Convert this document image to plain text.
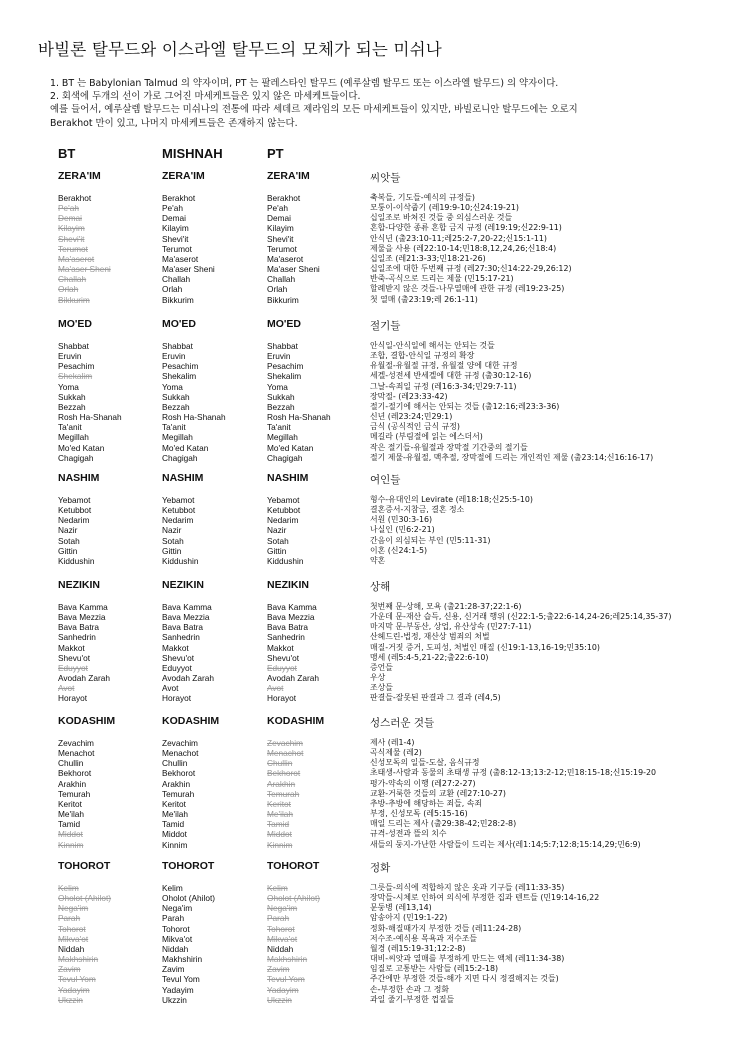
바빌론 탈무드와 이스라엘 탈무드의 모체가 되는 미쉬나

1. BT 는 Babylonian Talmud 의 약자이며, PT 는 팔레스타인 탈무드 (예루살렘 탈무드 또는 이스라엘 탈무드) 의 약자이다.

2. 회색에 두개의 선이 가로 그어진 마세케트들은 있지 않은 마세케트들이다.

예를 들어서, 예루살렘 탈무드는 미쉬나의 전통에 따라 세데르 제라임의 모든 마세케트들이 있지만, 바빌로니안 탈무드에는 오로지

Berakhot 만이 있고, 나머지 마세케트들은 존재하지 않는다.

BT	MISHNAH	PT
ZERA'IM	ZERA'IM	ZERA'IM	씨앗들
Berakhot	Berakhot	Berakhot	축복들, 기도들-예식의 규정들)
Pe'ah	Pe'ah	Pe'ah	모퉁이-이삭줍기 (레19:9-10;신24:19-21)
Demai	Demai	Demai	십일조로 바쳐진 것들 중 의심스러운 것들
Kilayim	Kilayim	Kilayim	혼합-다양한 종류 혼합 금지 규정 (레19:19;신22:9-11)
Shevi'it	Shevi'it	Shevi'it	안식년 (출23:10-11;레25:2-7,20-22;신15:1-11)
Terumot	Terumot	Terumot	제물을 사용 (레22:10-14;민18:8,12,24,26;신18:4)
Ma'aserot	Ma'aserot	Ma'aserot	십일조 (레21:3-33;민18:21-26)
Ma'aser Sheni	Ma'aser Sheni	Ma'aser Sheni	십일조에 대한 두번째 규정 (레27:30;신14:22-29,26:12)
Challah	Challah	Challah	반죽-곡식으로 드리는 제물 (민15:17-21)
Orlah	Orlah	Orlah	할례받지 않은 것들-나무열매에 관한 규정 (레19:23-25)
Bikkurim	Bikkurim	Bikkurim	첫 열매 (출23:19;레 26:1-11)
MO'ED	MO'ED	MO'ED	절기들
Shabbat	Shabbat	Shabbat	안식일-안식일에 해서는 안되는 것들
Eruvin	Eruvin	Eruvin	조합, 결합-안식일 규정의 확장
Pesachim	Pesachim	Pesachim	유월절-유월절 규정, 유월절 양에 대한 규정
Shekalim	Shekalim	Shekalim	세겔-성전세 반세겔에 대한 규정 (출30:12-16)
Yoma	Yoma	Yoma	그날-속죄일 규정 (레16:3-34;민29:7-11)
Sukkah	Sukkah	Sukkah	장막절- (레23:33-42)
Bezzah	Bezzah	Bezzah	절기-절기에 해서는 안되는 것들 (출12:16;레23:3-36)
Rosh Ha-Shanah	Rosh Ha-Shanah	Rosh Ha-Shanah	신년 (레23:24;민29:1)
Ta'anit	Ta'anit	Ta'anit	금식 (공식적인 금식 규정)
Megillah	Megillah	Megillah	메길라 (부림절에 읽는 에스더서)
Mo'ed Katan	Mo'ed Katan	Mo'ed Katan	작은 절기들-유월절과 장막절 기간중의 절기들
Chagigah	Chagigah	Chagigah	절기 제물-유월절, 맥추절, 장막절에 드리는 개인적인 제물 (출23:14;신16:16-17)
NASHIM	NASHIM	NASHIM	여인들
Yebamot	Yebamot	Yebamot	형수-유대인의 Levirate (레18:18;신25:5-10)
Ketubbot	Ketubbot	Ketubbot	결혼증서-지참금, 결혼 정소
Nedarim	Nedarim	Nedarim	서원 (민30:3-16)
Nazir	Nazir	Nazir	나실인 (민6:2-21)
Sotah	Sotah	Sotah	간음이 의심되는 부인 (민5:11-31)
Gittin	Gittin	Gittin	이혼 (신24:1-5)
Kiddushin	Kiddushin	Kiddushin	약혼
NEZIKIN	NEZIKIN	NEZIKIN	상해
Bava Kamma	Bava Kamma	Bava Kamma	첫번째 문-상해, 모욕 (출21:28-37;22:1-6)
Bava Mezzia	Bava Mezzia	Bava Mezzia	가운데 문-재산 습득, 신용, 신거래 행위 (신22:1-5;출22:6-14,24-26;레25:14,35-37)
Bava Batra	Bava Batra	Bava Batra	마지막 문-부동산, 상업, 유산상속 (민27:7-11)
Sanhedrin	Sanhedrin	Sanhedrin	산헤드린-법정, 재산상 범죄의 처벌
Makkot	Makkot	Makkot	매질-거짓 증거, 도피성, 처벌인 매질 (신19:1-13,16-19;민35:10)
Shevu'ot	Shevu'ot	Shevu'ot	맹세 (레5:4-5,21-22;출22:6-10)
Eduyyot	Eduyyot	Eduyyot	증언들
Avodah Zarah	Avodah Zarah	Avodah Zarah	우상
Avot	Avot	Avot	조상들
Horayot	Horayot	Horayot	판결들-잘못된 판결과 그 결과 (레4,5)
KODASHIM	KODASHIM	KODASHIM	성스러운 것들
Zevachim	Zevachim	Zevachim	제사 (레1-4)
Menachot	Menachot	Menachot	곡식제물 (레2)
Chullin	Chullin	Chullin	신성모독의 일들-도살, 음식규정
Bekhorot	Bekhorot	Bekhorot	초태생-사람과 동물의 초태생 규정 (출8:12-13;13:2-12;민18:15-18;신15:19-20
Arakhin	Arakhin	Arakhin	평가-약속의 이행 (레27:2-27)
Temurah	Temurah	Temurah	교환-거룩한 것들의 교환 (레27:10-27)
Keritot	Keritot	Keritot	추방-추방에 해당하는 죄들, 속죄
Me'ilah	Me'ilah	Me'ilah	부정, 신성모독 (레5:15-16)
Tamid	Tamid	Tamid	매일 드리는 제사 (출29:38-42;민28:2-8)
Middot	Middot	Middot	규격-성전과 뜰의 치수
Kinnim	Kinnim	Kinnim	새들의 둥지-가난한 사람들이 드리는 제사(레1:14;5:7;12:8;15:14,29;민6:9)
TOHOROT	TOHOROT	TOHOROT	정화
Kelim	Kelim	Kelim	그릇들-의식에 적합하지 않은 옷과 기구들 (레11:33-35)
Oholot (Ahilot)	Oholot (Ahilot)	Oholot (Ahilot)	장막들-시체로 인하여 의식에 부정한 집과 텐트들 (민19:14-16,22
Nega'im	Nega'im	Nega'im	문둥병 (레13,14)
Parah	Parah	Parah	암송아지 (민19:1-22)
Tohorot	Tohorot	Tohorot	정화-해질때가지 부정한 것들 (레11:24-28)
Mikva'ot	Mikva'ot	Mikva'ot	저수조-예식용 목욕과 저수조들
Niddah	Niddah	Niddah	월경 (레15:19-31;12:2-8)
Makhshirin	Makhshirin	Makhshirin	대비-씨앗과 열매를 부정하게 만드는 액체 (레11:34-38)
Zavim	Zavim	Zavim	임질로 고통받는 사람들 (레15:2-18)
Tevul Yom	Tevul Yom	Tevul Yom	주간에만 부정한 것들-해가 지면 다시 정결해지는 것들)
Yadayim	Yadayim	Yadayim	손-부정한 손과 그 정화
Ukzzin	Ukzzin	Ukzzin	과일 줄기-부정한 껍질들
